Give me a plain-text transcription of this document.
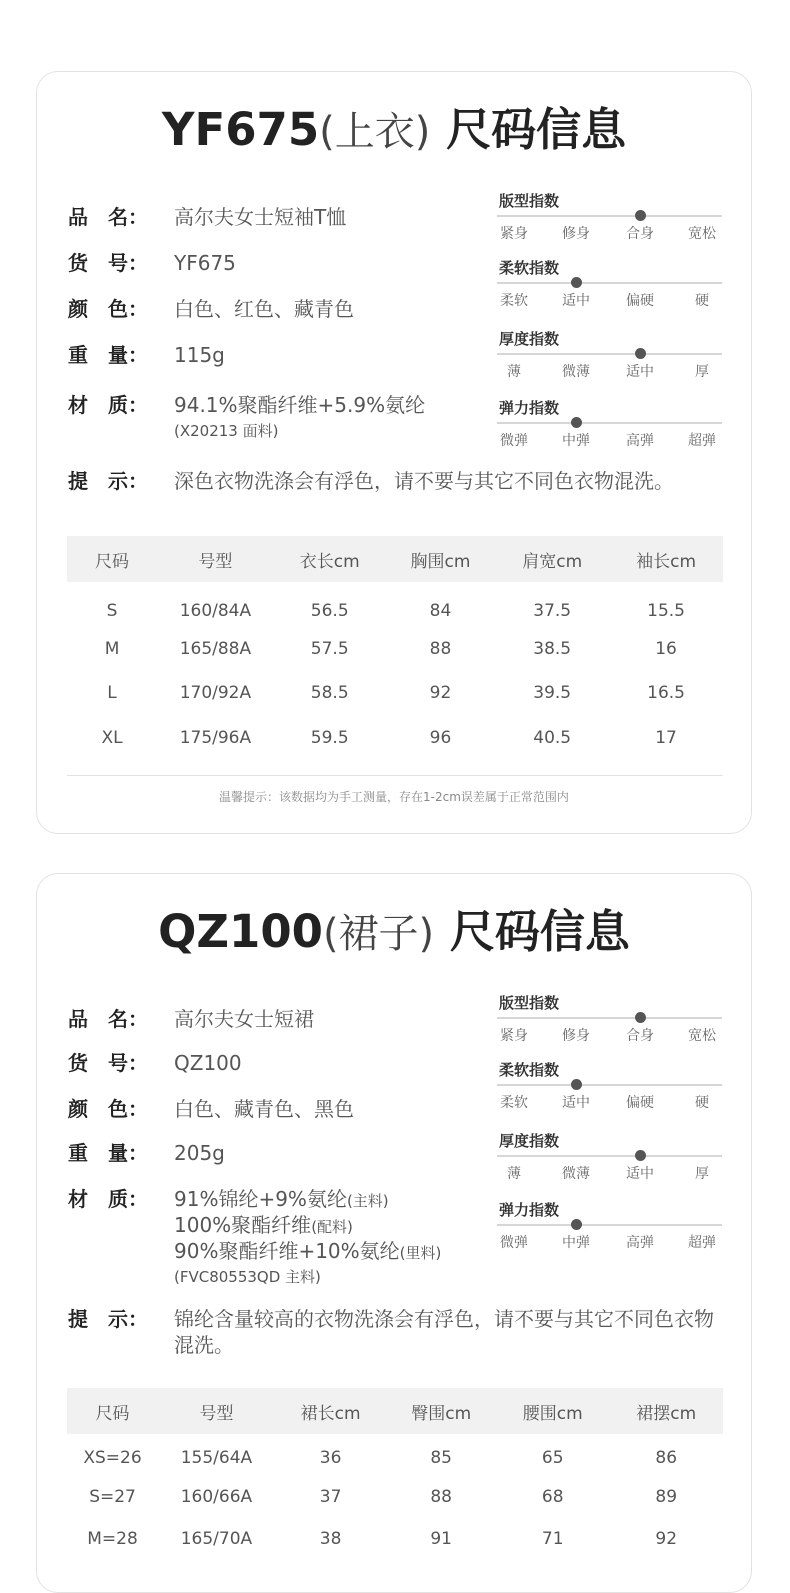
YF675(上衣) 尺码信息
品　名：	高尔夫女士短袖T恤
货　号：	YF675
颜　色：	白色、红色、藏青色
重　量：	115g
材　质：	94.1%聚酯纤维+5.9%氨纶
(X20213 面料)
提　示：	深色衣物洗涤会有浮色，请不要与其它不同色衣物混洗。
版型指数
紧身	修身	合身	宽松
柔软指数
柔软	适中	偏硬	硬
厚度指数
薄	微薄	适中	厚
弹力指数
微弹	中弹	高弹	超弹
尺码	号型	衣长cm	胸围cm	肩宽cm	袖长cm
S	160/84A	56.5	84	37.5	15.5
M	165/88A	57.5	88	38.5	16
L	170/92A	58.5	92	39.5	16.5
XL	175/96A	59.5	96	40.5	17
温馨提示：该数据均为手工测量，存在1-2cm误差属于正常范围内
QZ100(裙子) 尺码信息
品　名：	高尔夫女士短裙
货　号：	QZ100
颜　色：	白色、藏青色、黑色
重　量：	205g
材　质：	91%锦纶+9%氨纶(主料)
100%聚酯纤维(配料)
90%聚酯纤维+10%氨纶(里料)
(FVC80553QD 主料)
提　示：	锦纶含量较高的衣物洗涤会有浮色，请不要与其它不同色衣物
混洗。
版型指数
紧身	修身	合身	宽松
柔软指数
柔软	适中	偏硬	硬
厚度指数
薄	微薄	适中	厚
弹力指数
微弹	中弹	高弹	超弹
尺码	号型	裙长cm	臀围cm	腰围cm	裙摆cm
XS=26	155/64A	36	85	65	86
S=27	160/66A	37	88	68	89
M=28	165/70A	38	91	71	92
